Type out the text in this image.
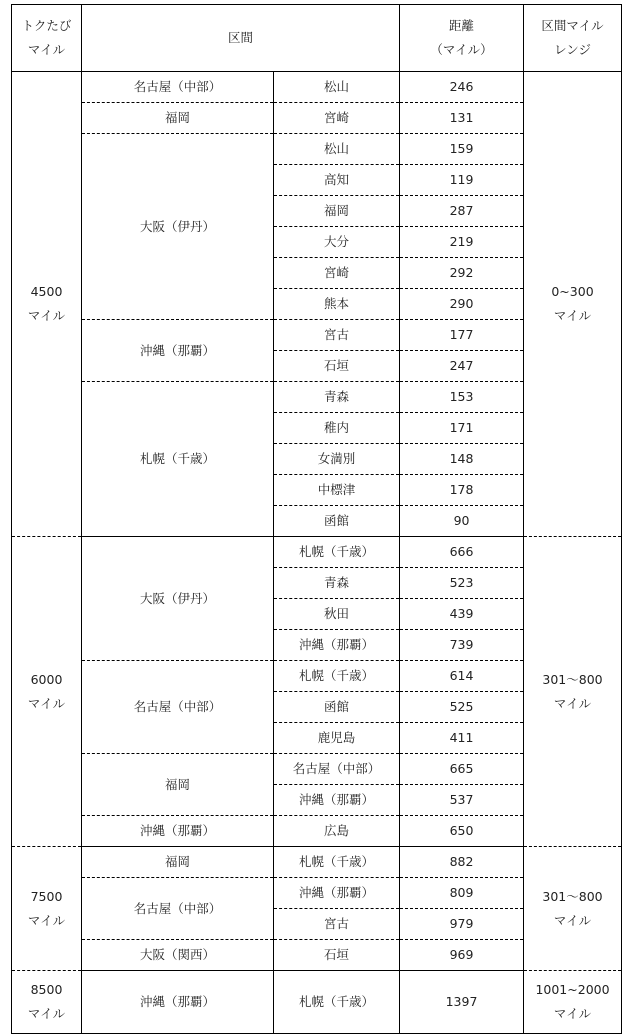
トクたび
マイル	区間		距離
（マイル）	区間マイル
レンジ

4500
マイル	名古屋（中部）	松山	246	0~300
マイル

	福岡	宮崎	131	
	大阪（伊丹）	松山	159	
		高知	119	
		福岡	287	
		大分	219	
		宮崎	292	
		熊本	290	
	沖縄（那覇）	宮古	177	
		石垣	247	
	札幌（千歳）	青森	153	
		稚内	171	
		女満別	148	
		中標津	178	
		函館	90	

6000
マイル	大阪（伊丹）	札幌（千歳）	666	301～800
マイル

		青森	523	
		秋田	439	
		沖縄（那覇）	739	
	名古屋（中部）	札幌（千歳）	614	
		函館	525	
		鹿児島	411	
	福岡	名古屋（中部）	665	
		沖縄（那覇）	537	
	沖縄（那覇）	広島	650	

7500
マイル	福岡	札幌（千歳）	882	301～800
マイル

	名古屋（中部）	沖縄（那覇）	809	
		宮古	979	
	大阪（関西）	石垣	969	

8500
マイル	沖縄（那覇）	札幌（千歳）	1397	1001~2000
マイル
